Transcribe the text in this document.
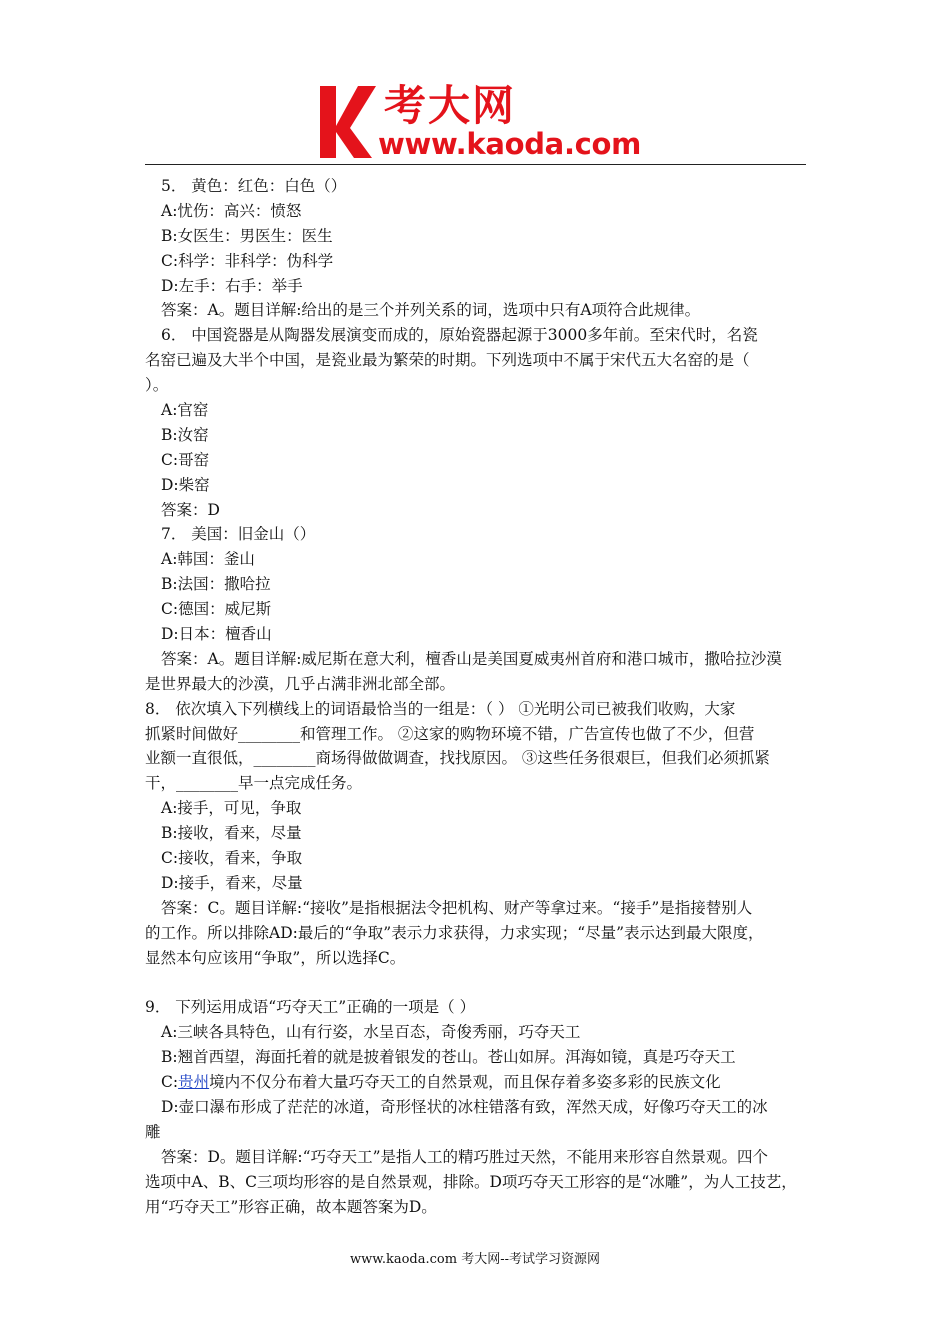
考大网
www.kaoda.com
5． 黄色：红色：白色（）
A:忧伤：高兴：愤怒
B:女医生：男医生：医生
C:科学：非科学：伪科学
D:左手：右手：举手
答案：A。题目详解:给出的是三个并列关系的词，选项中只有A项符合此规律。
6． 中国瓷器是从陶器发展演变而成的，原始瓷器起源于3000多年前。至宋代时，名瓷
名窑已遍及大半个中国，是瓷业最为繁荣的时期。下列选项中不属于宋代五大名窑的是（
）。
A:官窑
B:汝窑
C:哥窑
D:柴窑
答案：D
7． 美国：旧金山（）
A:韩国：釜山
B:法国：撒哈拉
C:德国：威尼斯
D:日本：檀香山
答案：A。题目详解:威尼斯在意大利，檀香山是美国夏威夷州首府和港口城市，撒哈拉沙漠
是世界最大的沙漠，几乎占满非洲北部全部。
8． 依次填入下列横线上的词语最恰当的一组是：（ ） ①光明公司已被我们收购，大家
抓紧时间做好________和管理工作。 ②这家的购物环境不错，广告宣传也做了不少，但营
业额一直很低，________商场得做做调查，找找原因。 ③这些任务很艰巨，但我们必须抓紧
干，________早一点完成任务。
A:接手，可见，争取
B:接收，看来，尽量
C:接收，看来，争取
D:接手，看来，尽量
答案：C。题目详解:“接收”是指根据法令把机构、财产等拿过来。“接手”是指接替别人
的工作。所以排除AD:最后的“争取”表示力求获得，力求实现；“尽量”表示达到最大限度，
显然本句应该用“争取”，所以选择C。
9． 下列运用成语“巧夺天工”正确的一项是（ ）
A:三峡各具特色，山有行姿，水呈百态，奇俊秀丽，巧夺天工
B:翘首西望，海面托着的就是披着银发的苍山。苍山如屏。洱海如镜，真是巧夺天工
C:贵州境内不仅分布着大量巧夺天工的自然景观，而且保存着多姿多彩的民族文化
D:壶口瀑布形成了茫茫的冰道，奇形怪状的冰柱错落有致，浑然天成，好像巧夺天工的冰
雕
答案：D。题目详解:“巧夺天工”是指人工的精巧胜过天然，不能用来形容自然景观。四个
选项中A、B、C三项均形容的是自然景观，排除。D项巧夺天工形容的是“冰雕”，为人工技艺，
用“巧夺天工”形容正确，故本题答案为D。
www.kaoda.com 考大网--考试学习资源网
